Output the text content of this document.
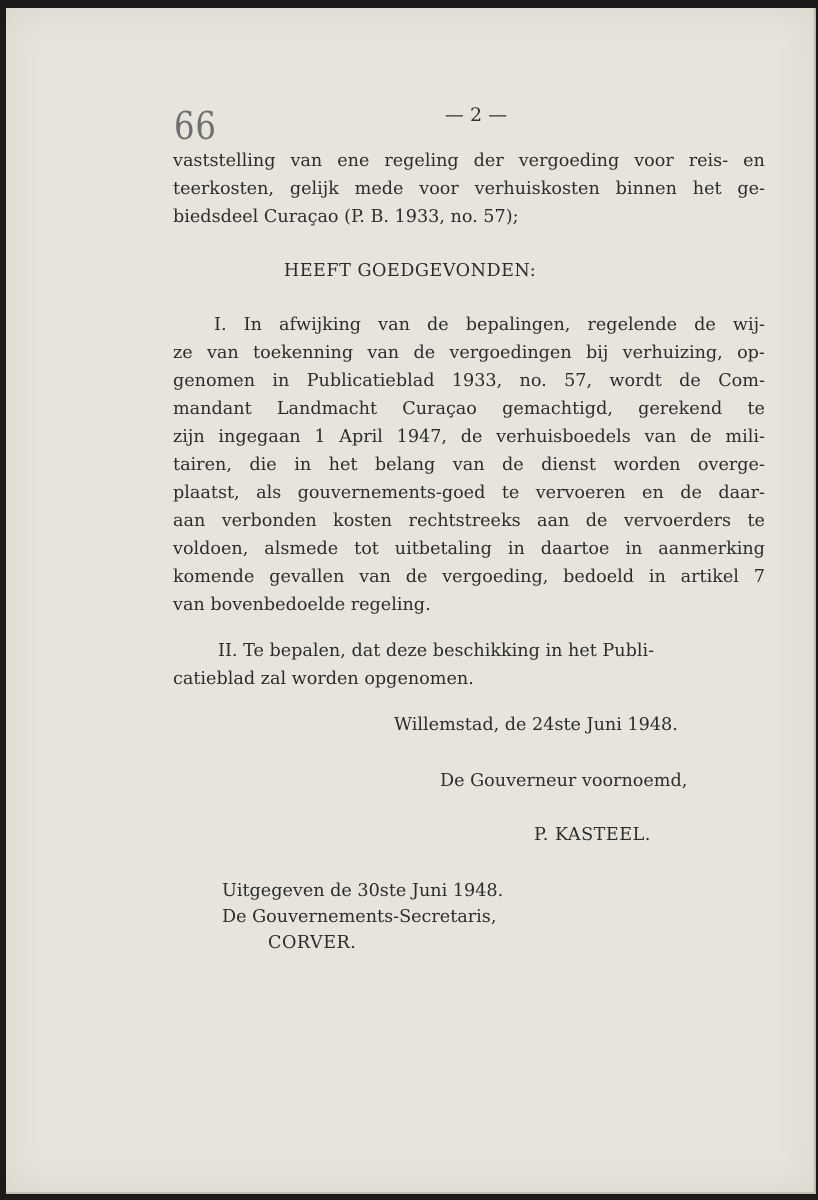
66	— 2 —
vaststelling van ene regeling der vergoeding voor reis- en
teerkosten, gelijk mede voor verhuiskosten binnen het ge-
biedsdeel Curaçao (P. B. 1933, no. 57);
HEEFT GOEDGEVONDEN:
I. In afwijking van de bepalingen, regelende de wij-
ze van toekenning van de vergoedingen bij verhuizing, op-
genomen in Publicatieblad 1933, no. 57, wordt de Com-
mandant Landmacht Curaçao gemachtigd, gerekend te
zijn ingegaan 1 April 1947, de verhuisboedels van de mili-
tairen, die in het belang van de dienst worden overge-
plaatst, als gouvernements-goed te vervoeren en de daar-
aan verbonden kosten rechtstreeks aan de vervoerders te
voldoen, alsmede tot uitbetaling in daartoe in aanmerking
komende gevallen van de vergoeding, bedoeld in artikel 7
van bovenbedoelde regeling.
II. Te bepalen, dat deze beschikking in het Publi-
catieblad zal worden opgenomen.
Willemstad, de 24ste Juni 1948.
De Gouverneur voornoemd,
P. KASTEEL.
Uitgegeven de 30ste Juni 1948.
De Gouvernements-Secretaris,
CORVER.
